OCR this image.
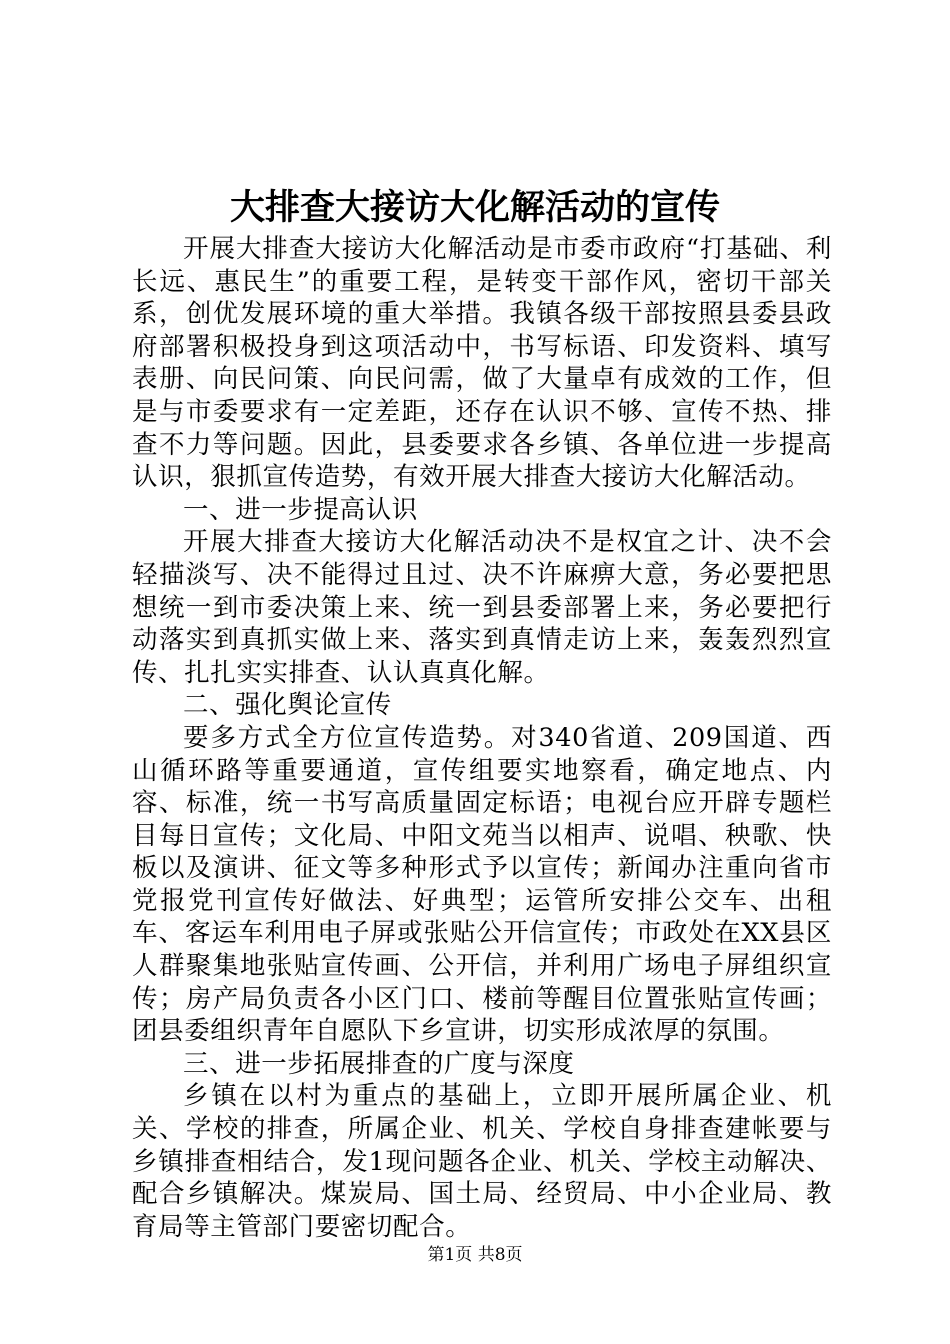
大排查大接访大化解活动的宣传

开展大排查大接访大化解活动是市委市政府“打基础、利长远、惠民生”的重要工程，是转变干部作风，密切干部关系，创优发展环境的重大举措。我镇各级干部按照县委县政府部署积极投身到这项活动中，书写标语、印发资料、填写表册、向民问策、向民问需，做了大量卓有成效的工作，但是与市委要求有一定差距，还存在认识不够、宣传不热、排查不力等问题。因此，县委要求各乡镇、各单位进一步提高认识，狠抓宣传造势，有效开展大排查大接访大化解活动。

一、进一步提高认识

开展大排查大接访大化解活动决不是权宜之计、决不会轻描淡写、决不能得过且过、决不许麻痹大意，务必要把思想统一到市委决策上来、统一到县委部署上来，务必要把行动落实到真抓实做上来、落实到真情走访上来，轰轰烈烈宣传、扎扎实实排查、认认真真化解。

二、强化舆论宣传

要多方式全方位宣传造势。对340省道、209国道、西山循环路等重要通道，宣传组要实地察看，确定地点、内容、标准，统一书写高质量固定标语；电视台应开辟专题栏目每日宣传；文化局、中阳文苑当以相声、说唱、秧歌、快板以及演讲、征文等多种形式予以宣传；新闻办注重向省市党报党刊宣传好做法、好典型；运管所安排公交车、出租车、客运车利用电子屏或张贴公开信宣传；市政处在XX县区人群聚集地张贴宣传画、公开信，并利用广场电子屏组织宣传；房产局负责各小区门口、楼前等醒目位置张贴宣传画；团县委组织青年自愿队下乡宣讲，切实形成浓厚的氛围。

三、进一步拓展排查的广度与深度

乡镇在以村为重点的基础上，立即开展所属企业、机关、学校的排查，所属企业、机关、学校自身排查建帐要与乡镇排查相结合，发1现问题各企业、机关、学校主动解决、配合乡镇解决。煤炭局、国土局、经贸局、中小企业局、教育局等主管部门要密切配合。

第1页 共8页
